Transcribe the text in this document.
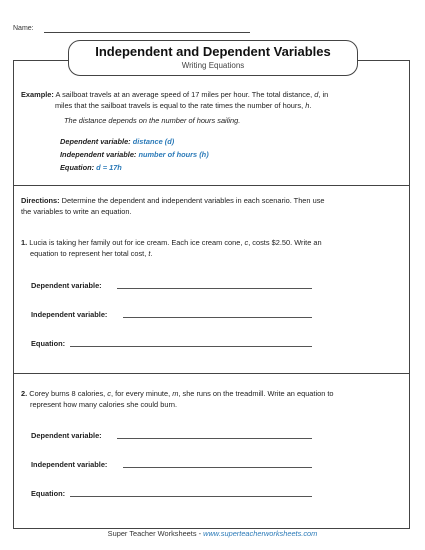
Name:
Independent and Dependent Variables
Writing Equations
Example: A sailboat travels at an average speed of 17 miles per hour. The total distance, d, in
miles that the sailboat travels is equal to the rate times the number of hours, h.
The distance depends on the number of hours sailing.
Dependent variable: distance (d)
Independent variable: number of hours (h)
Equation: d = 17h
Directions: Determine the dependent and independent variables in each scenario. Then use
the variables to write an equation.
1. Lucia is taking her family out for ice cream. Each ice cream cone, c, costs $2.50. Write an
equation to represent her total cost, t.
Dependent variable:
Independent variable:
Equation:
2. Corey burns 8 calories, c, for every minute, m, she runs on the treadmill. Write an equation to
represent how many calories she could burn.
Dependent variable:
Independent variable:
Equation:
Super Teacher Worksheets - www.superteacherworksheets.com
